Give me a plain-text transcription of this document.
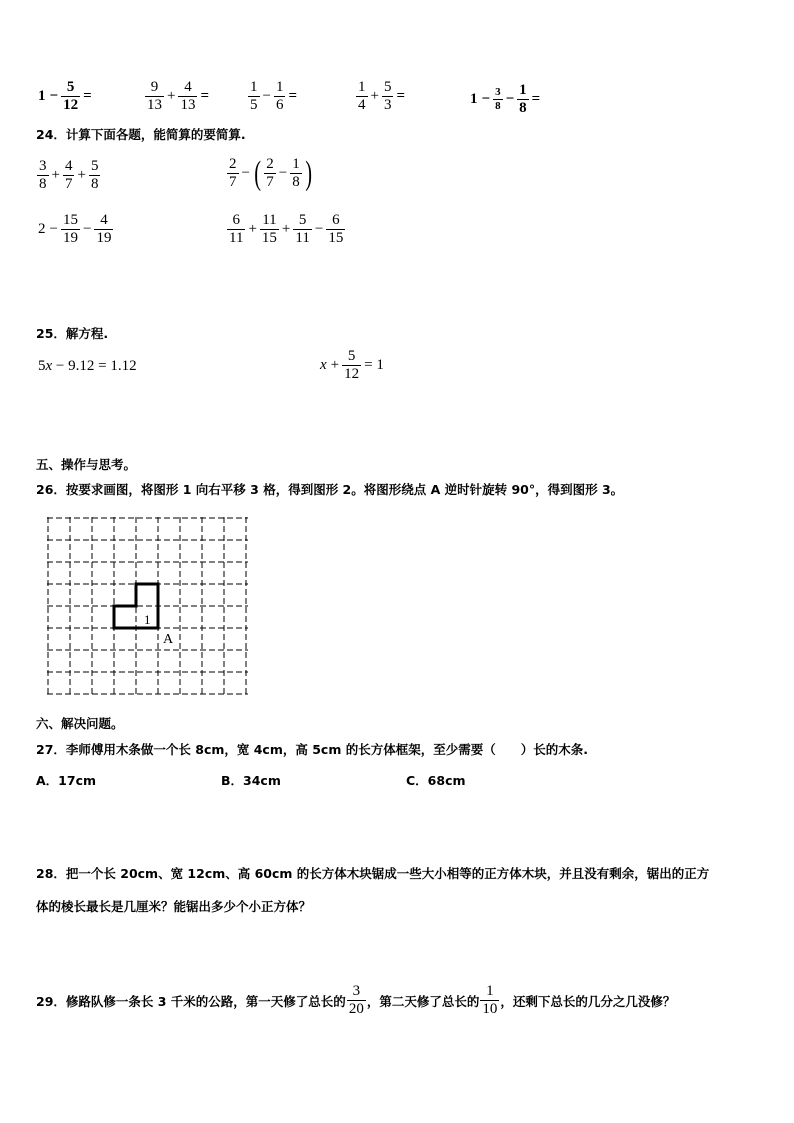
$1 - \frac{5}{12}$ =	$\frac{9}{13} + \frac{4}{13}$ =	$\frac{1}{5} - \frac{1}{6}$ =	$\frac{1}{4} + \frac{5}{3}$ =	$1 - \frac{3}{8} - \frac{1}{8}$ =
24．计算下面各题，能简算的要简算.
$\frac{3}{8} + \frac{4}{7} + \frac{5}{8}$	$\frac{2}{7}$ − ( $\frac{2}{7} - \frac{1}{8}$ )
$2 - \frac{15}{19} - \frac{4}{19}$	$\frac{6}{11} + \frac{11}{15} + \frac{5}{11} - \frac{6}{15}$
25．解方程.
5x − 9.12 = 1.12	$x + \frac{5}{12} = 1$
五、操作与思考。
26．按要求画图，将图形 1 向右平移 3 格，得到图形 2。将图形绕点 A 逆时针旋转 90°，得到图形 3。
1
A
六、解决问题。
27．李师傅用木条做一个长 8cm，宽 4cm，高 5cm 的长方体框架，至少需要（　　）长的木条.
A．17cm	B．34cm	C．68cm
28．把一个长 20cm、宽 12cm、高 60cm 的长方体木块锯成一些大小相等的正方体木块，并且没有剩余，锯出的正方
体的棱长最长是几厘米？能锯出多少个小正方体？
29．修路队修一条长 3 千米的公路，第一天修了总长的 $\frac{3}{20}$ ，第二天修了总长的 $\frac{1}{10}$ ，还剩下总长的几分之几没修？
